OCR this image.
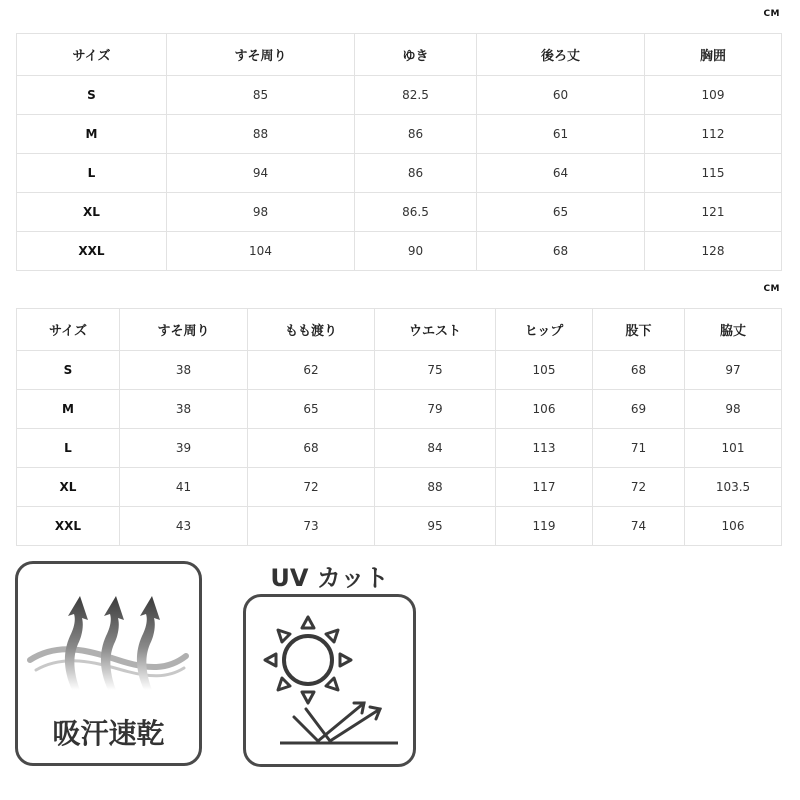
CM
サイズ	すそ周り	ゆき	後ろ丈	胸囲
S	85	82.5	60	109
M	88	86	61	112
L	94	86	64	115
XL	98	86.5	65	121
XXL	104	90	68	128
CM
サイズ	すそ周り	もも渡り	ウエスト	ヒップ	股下	脇丈
S	38	62	75	105	68	97
M	38	65	79	106	69	98
L	39	68	84	113	71	101
XL	41	72	88	117	72	103.5
XXL	43	73	95	119	74	106
吸汗速乾
UV カット
